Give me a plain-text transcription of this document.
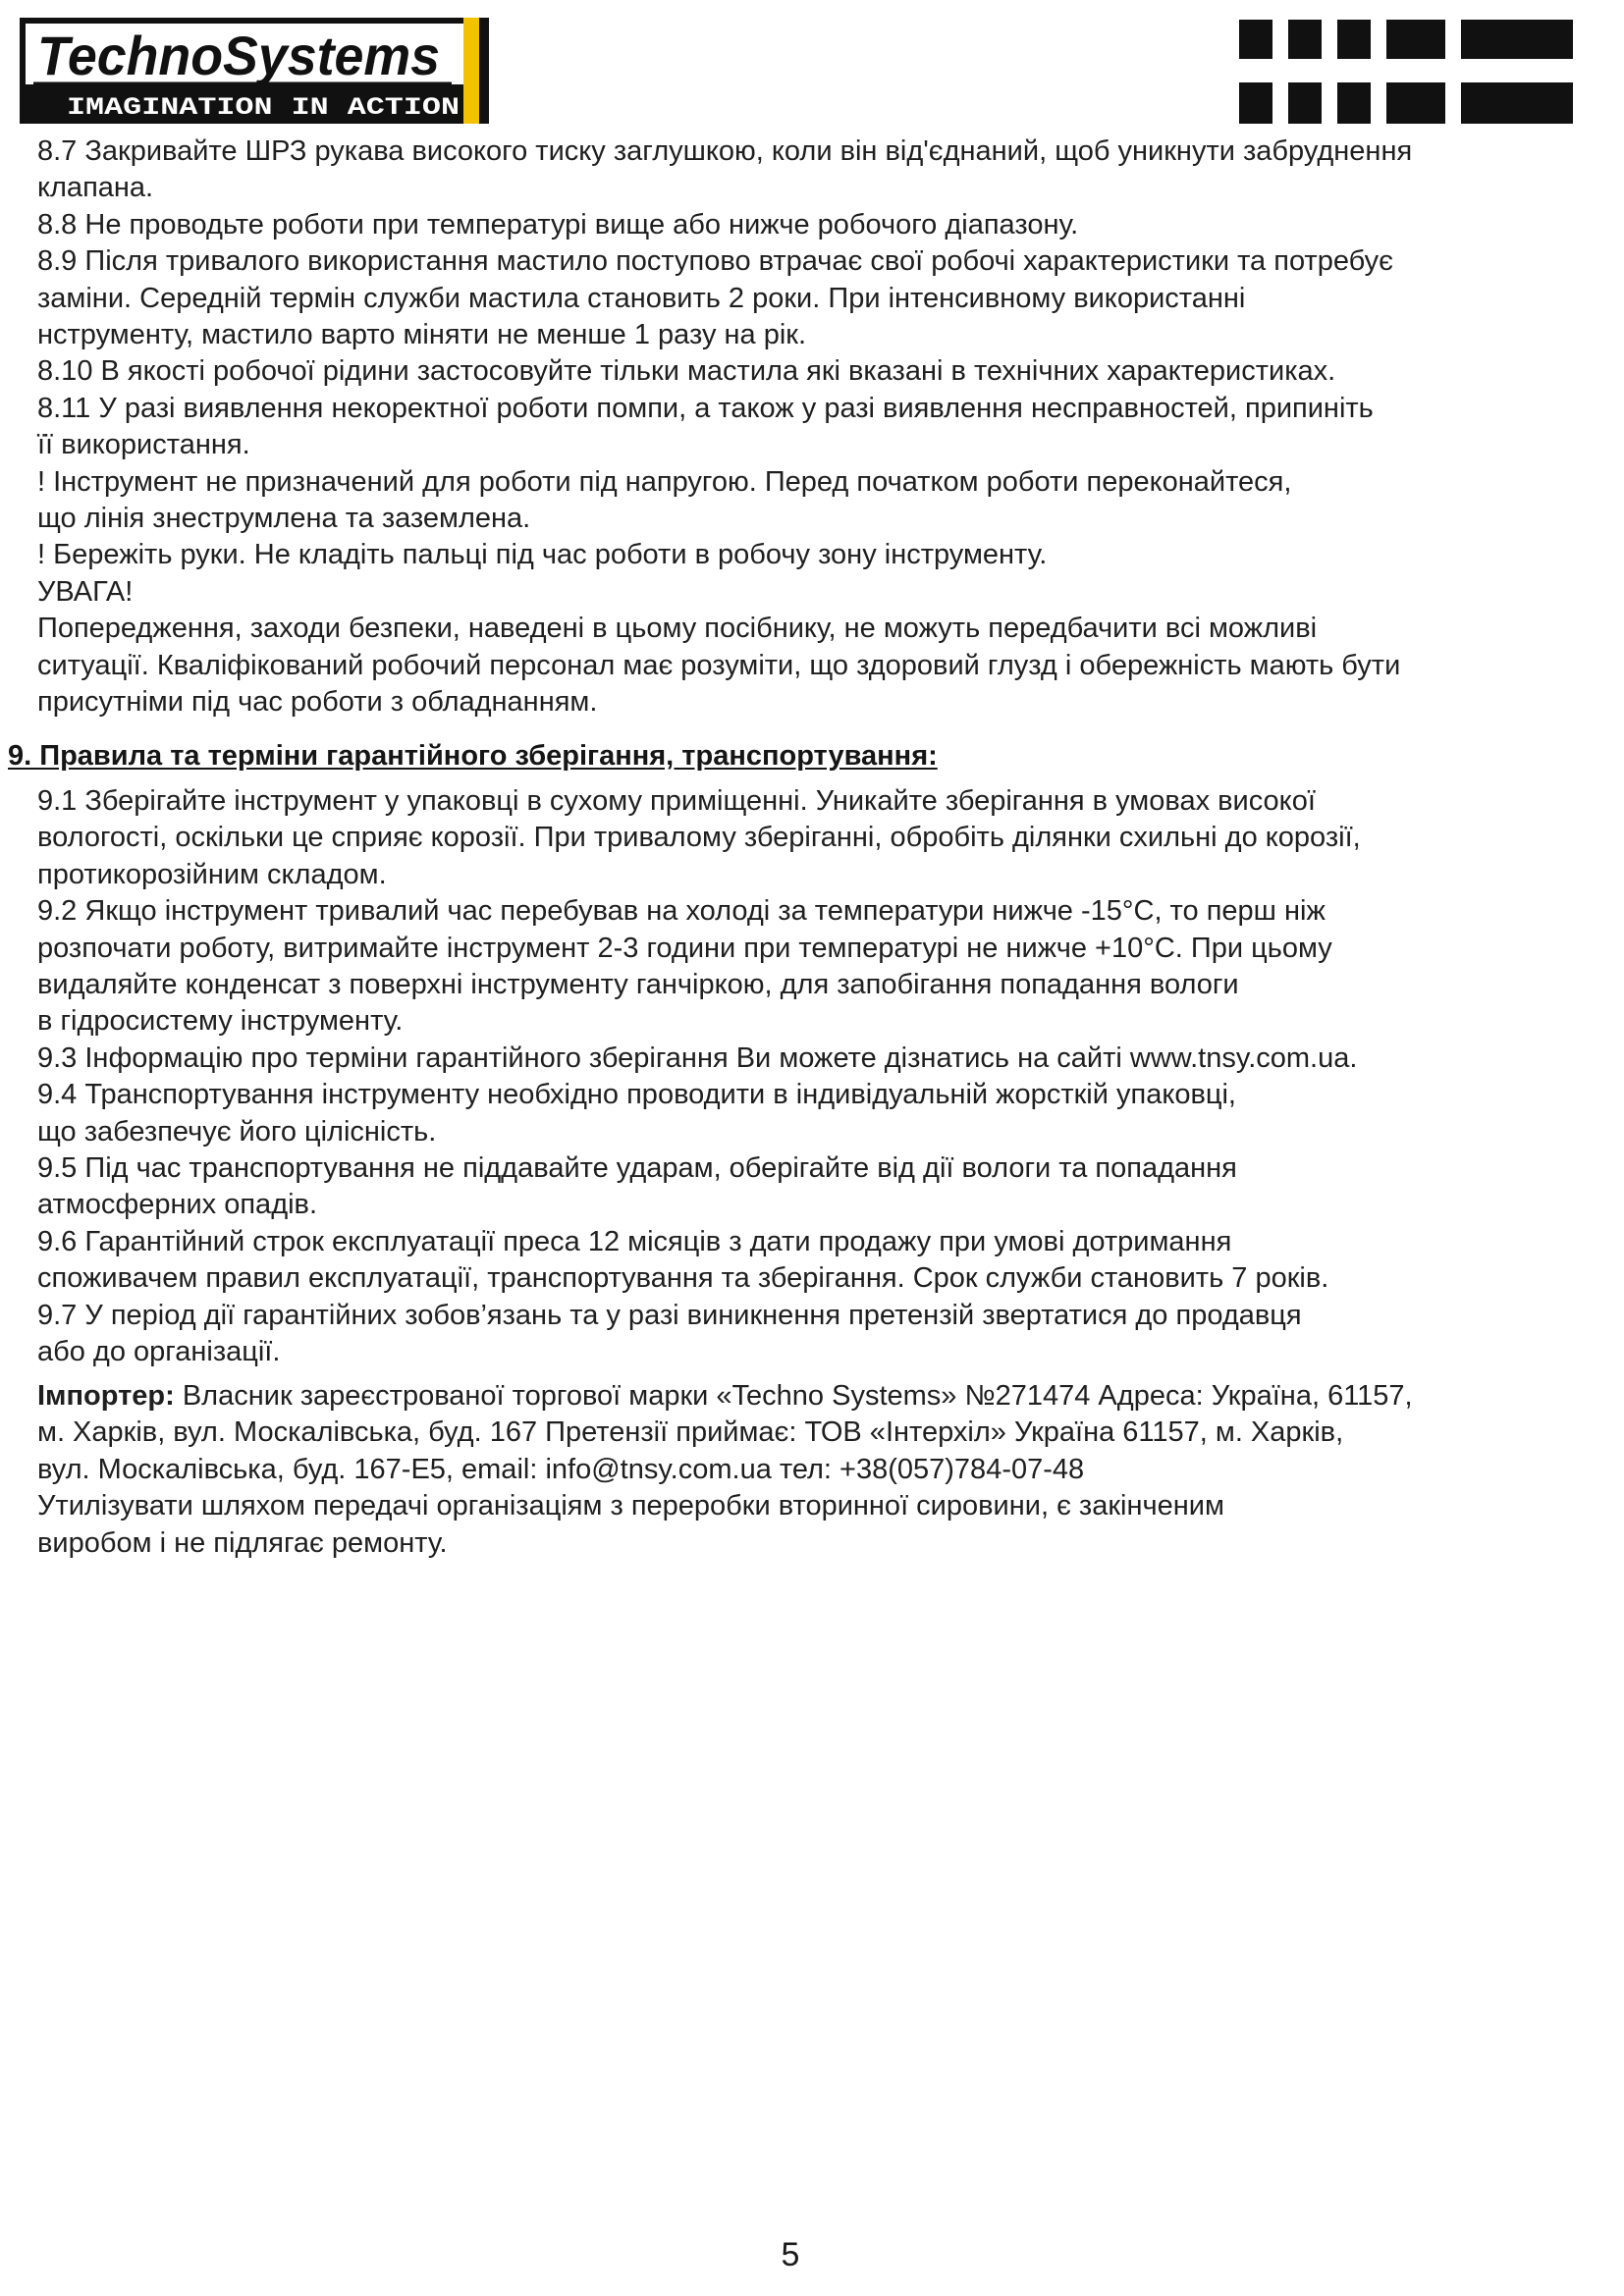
TechnoSystems
IMAGINATION IN ACTION

8.7 Закривайте ШРЗ рукава високого тиску заглушкою, коли він від'єднаний, щоб уникнути забруднення
клапана.

8.8 Не проводьте роботи при температурі вище або нижче робочого діапазону.

8.9 Після тривалого використання мастило поступово втрачає свої робочі характеристики та потребує
заміни. Середній термін служби мастила становить 2 роки. При інтенсивному використанні
нструменту, мастило варто міняти не менше 1 разу на рік.

8.10 В якості робочої рідини застосовуйте тільки мастила які вказані в технічних характеристиках.

8.11 У разі виявлення некоректної роботи помпи, а також у разі виявлення несправностей, припиніть
її використання.

! Інструмент не призначений для роботи під напругою. Перед початком роботи переконайтеся,
що лінія знеструмлена та заземлена.

! Бережіть руки. Не кладіть пальці під час роботи в робочу зону інструменту.

УВАГА!

Попередження, заходи безпеки, наведені в цьому посібнику, не можуть передбачити всі можливі
ситуації. Кваліфікований робочий персонал має розуміти, що здоровий глузд і обережність мають бути
присутніми під час роботи з обладнанням.

9. Правила та терміни гарантійного зберігання, транспортування:

9.1 Зберігайте інструмент у упаковці в сухому приміщенні. Уникайте зберігання в умовах високої
вологості, оскільки це сприяє корозії. При тривалому зберіганні, обробіть ділянки схильні до корозії,
протикорозійним складом.

9.2 Якщо інструмент тривалий час перебував на холоді за температури нижче -15°C, то перш ніж
розпочати роботу, витримайте інструмент 2-3 години при температурі не нижче +10°C. При цьому
видаляйте конденсат з поверхні інструменту ганчіркою, для запобігання попадання вологи
в гідросистему інструменту.

9.3 Інформацію про терміни гарантійного зберігання Ви можете дізнатись на сайті www.tnsy.com.ua.

9.4 Транспортування інструменту необхідно проводити в індивідуальній жорсткій упаковці,
що забезпечує його цілісність.

9.5 Під час транспортування не піддавайте ударам, оберігайте від дії вологи та попадання
атмосферних опадів.

9.6 Гарантійний строк експлуатації преса 12 місяців з дати продажу при умові дотримання
споживачем правил експлуатації, транспортування та зберігання. Срок служби становить 7 років.

9.7 У період дії гарантійних зобов’язань та у разі виникнення претензій звертатися до продавця
або до організації.

Імпортер: Власник зареєстрованої торгової марки «Techno Systems» №271474 Адреса: Україна, 61157,
м. Харків, вул. Москалівська, буд. 167 Претензії приймає: ТОВ «Інтерхіл» Україна 61157, м. Харків,
вул. Москалівська, буд. 167-Е5, email: info@tnsy.com.ua тел: +38(057)784-07-48

Утилізувати шляхом передачі організаціям з переробки вторинної сировини, є закінченим
виробом і не підлягає ремонту.

5
